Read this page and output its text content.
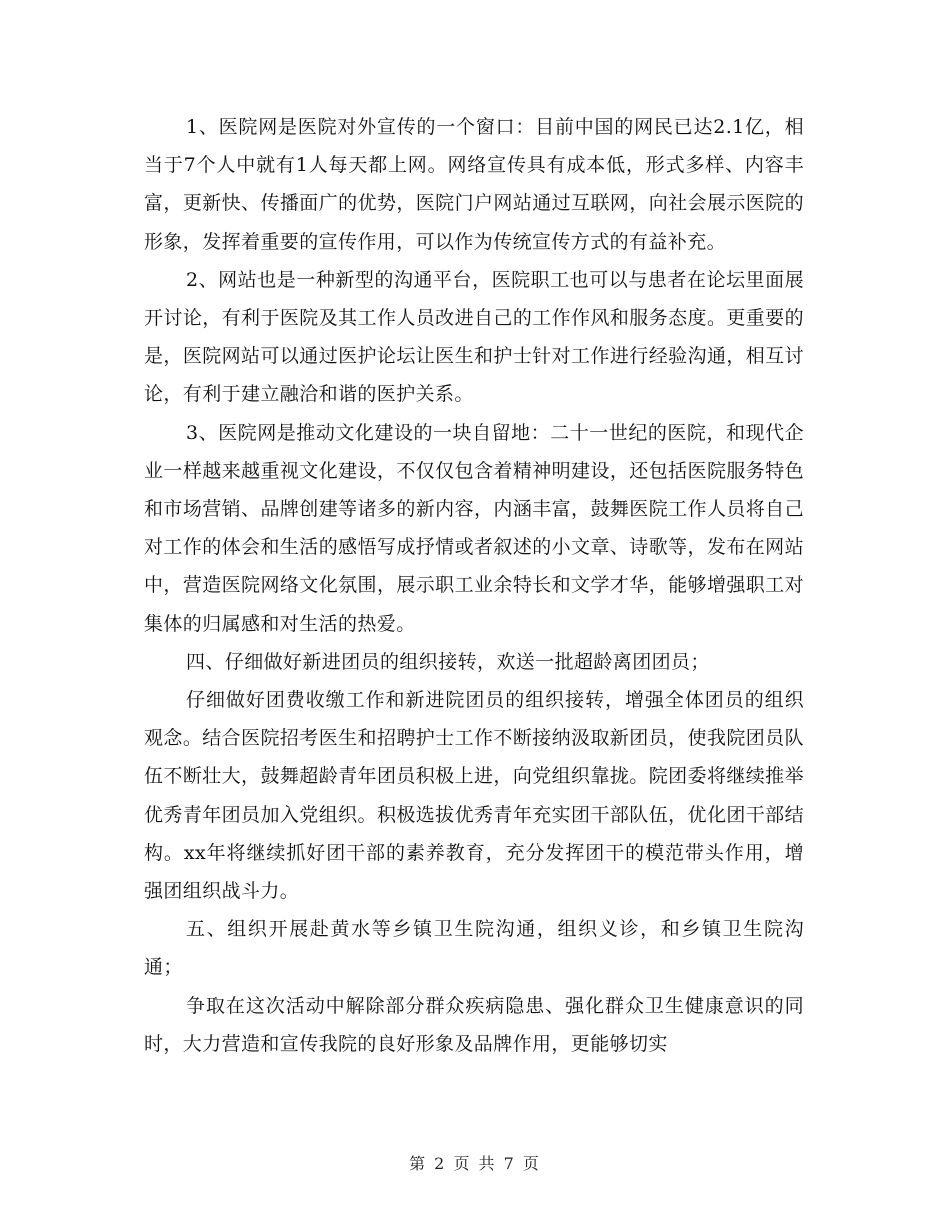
1、医院网是医院对外宣传的一个窗口：目前中国的网民已达2.1亿，相当于7个人中就有1人每天都上网。网络宣传具有成本低，形式多样、内容丰富，更新快、传播面广的优势，医院门户网站通过互联网，向社会展示医院的形象，发挥着重要的宣传作用，可以作为传统宣传方式的有益补充。

2、网站也是一种新型的沟通平台，医院职工也可以与患者在论坛里面展开讨论，有利于医院及其工作人员改进自己的工作作风和服务态度。更重要的是，医院网站可以通过医护论坛让医生和护士针对工作进行经验沟通，相互讨论，有利于建立融洽和谐的医护关系。

3、医院网是推动文化建设的一块自留地：二十一世纪的医院，和现代企业一样越来越重视文化建设，不仅仅包含着精神明建设，还包括医院服务特色和市场营销、品牌创建等诸多的新内容，内涵丰富，鼓舞医院工作人员将自己对工作的体会和生活的感悟写成抒情或者叙述的小文章、诗歌等，发布在网站中，营造医院网络文化氛围，展示职工业余特长和文学才华，能够增强职工对集体的归属感和对生活的热爱。

四、仔细做好新进团员的组织接转，欢送一批超龄离团团员；

仔细做好团费收缴工作和新进院团员的组织接转，增强全体团员的组织观念。结合医院招考医生和招聘护士工作不断接纳汲取新团员，使我院团员队伍不断壮大，鼓舞超龄青年团员积极上进，向党组织靠拢。院团委将继续推举优秀青年团员加入党组织。积极选拔优秀青年充实团干部队伍，优化团干部结构。xx年将继续抓好团干部的素养教育，充分发挥团干的模范带头作用，增强团组织战斗力。

五、组织开展赴黄水等乡镇卫生院沟通，组织义诊，和乡镇卫生院沟通；

争取在这次活动中解除部分群众疾病隐患、强化群众卫生健康意识的同时，大力营造和宣传我院的良好形象及品牌作用，更能够切实

第 2 页 共 7 页
